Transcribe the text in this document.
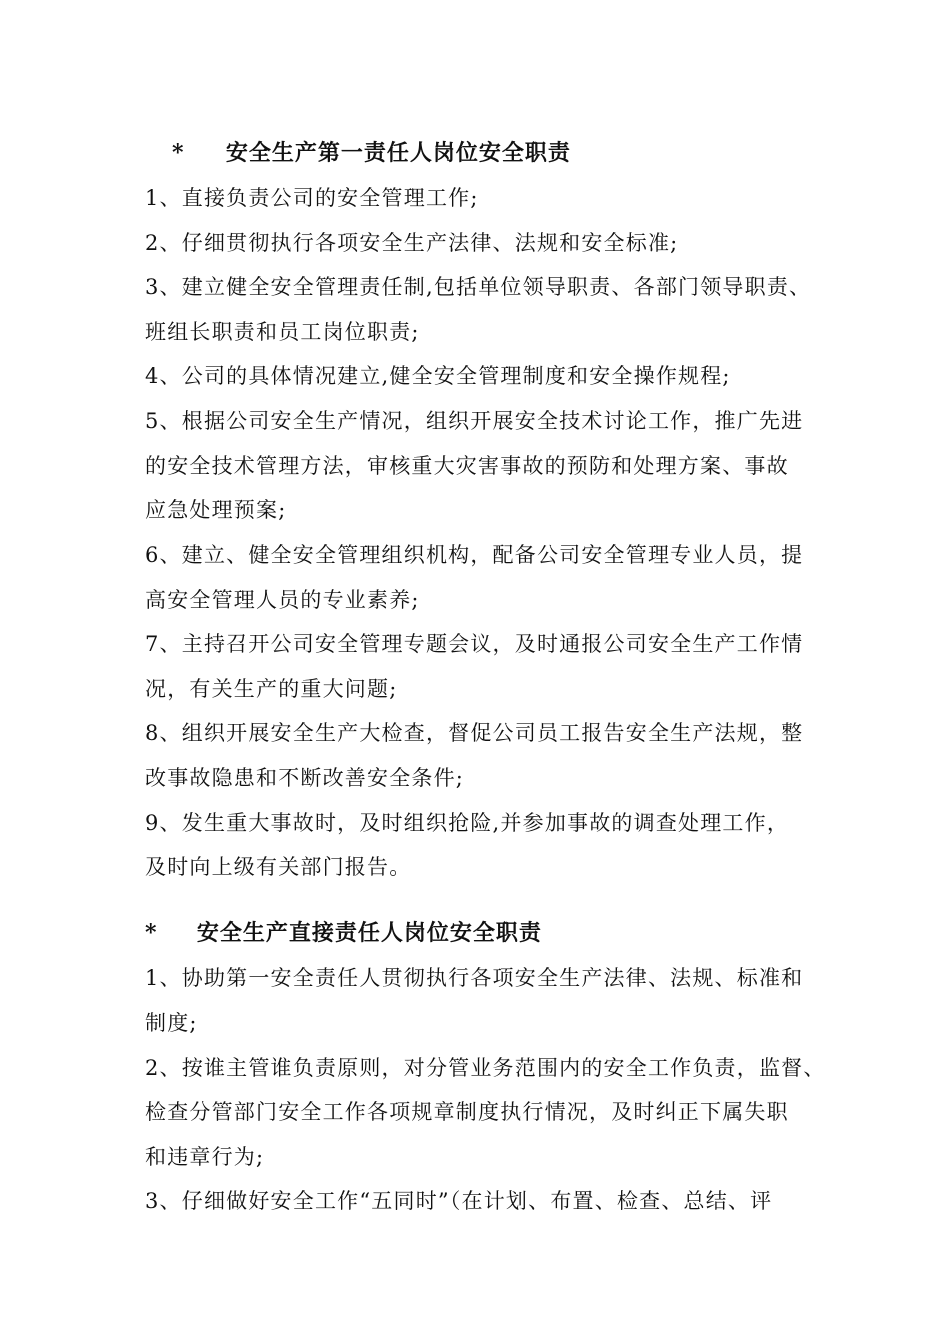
* 安全生产第一责任人岗位安全职责
1、直接负责公司的安全管理工作;
2、仔细贯彻执行各项安全生产法律、法规和安全标准;
3、建立健全安全管理责任制,包括单位领导职责、各部门领导职责、
班组长职责和员工岗位职责;
4、公司的具体情况建立,健全安全管理制度和安全操作规程;
5、根据公司安全生产情况，组织开展安全技术讨论工作，推广先进
的安全技术管理方法，审核重大灾害事故的预防和处理方案、事故
应急处理预案;
6、建立、健全安全管理组织机构，配备公司安全管理专业人员，提
高安全管理人员的专业素养;
7、主持召开公司安全管理专题会议，及时通报公司安全生产工作情
况，有关生产的重大问题;
8、组织开展安全生产大检查，督促公司员工报告安全生产法规，整
改事故隐患和不断改善安全条件;
9、发生重大事故时，及时组织抢险,并参加事故的调查处理工作，
及时向上级有关部门报告。
* 安全生产直接责任人岗位安全职责
1、协助第一安全责任人贯彻执行各项安全生产法律、法规、标准和
制度;
2、按谁主管谁负责原则，对分管业务范围内的安全工作负责，监督、
检查分管部门安全工作各项规章制度执行情况，及时纠正下属失职
和违章行为;
3、仔细做好安全工作“五同时”（在计划、布置、检查、总结、评
